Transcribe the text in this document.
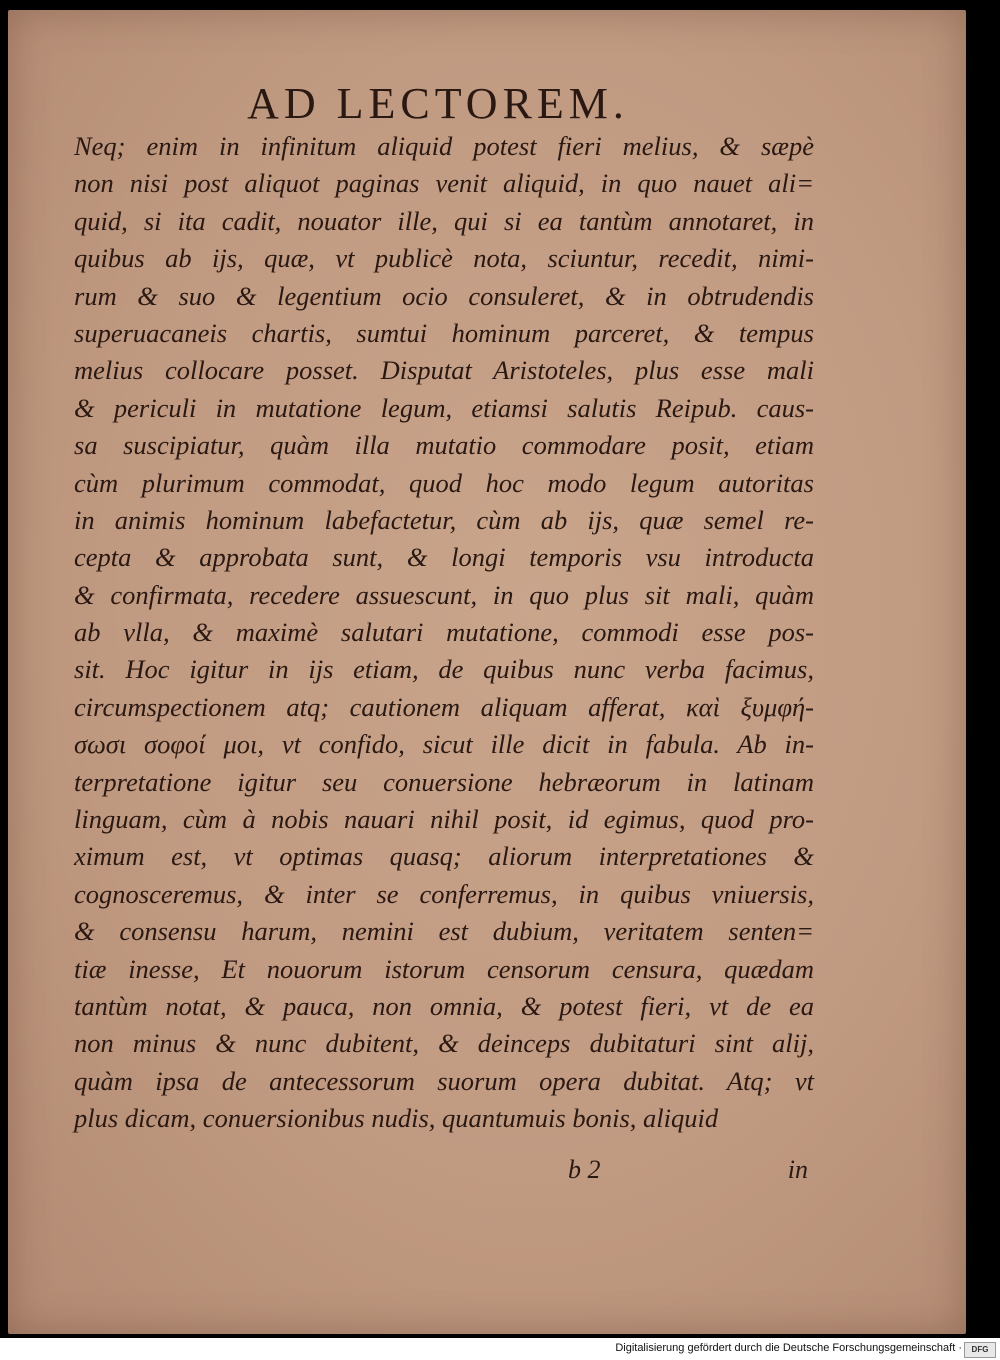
AD LECTOREM.
Neq; enim in infinitum aliquid potest fieri melius, & sæpè
non nisi post aliquot paginas venit aliquid, in quo nauet ali=
quid, si ita cadit, nouator ille, qui si ea tantùm annotaret, in
quibus ab ijs, quæ, vt publicè nota, sciuntur, recedit, nimi-
rum & suo & legentium ocio consuleret, & in obtrudendis
superuacaneis chartis, sumtui hominum parceret, & tempus
melius collocare posset. Disputat Aristoteles, plus esse mali
& periculi in mutatione legum, etiamsi salutis Reipub. caus-
sa suscipiatur, quàm illa mutatio commodare posit, etiam
cùm plurimum commodat, quod hoc modo legum autoritas
in animis hominum labefactetur, cùm ab ijs, quæ semel re-
cepta & approbata sunt, & longi temporis vsu introducta
& confirmata, recedere assuescunt, in quo plus sit mali, quàm
ab vlla, & maximè salutari mutatione, commodi esse pos-
sit. Hoc igitur in ijs etiam, de quibus nunc verba facimus,
circumspectionem atq; cautionem aliquam afferat, καὶ ξυμφή-
σωσι σοφοί μοι, vt confido, sicut ille dicit in fabula. Ab in-
terpretatione igitur seu conuersione hebræorum in latinam
linguam, cùm à nobis nauari nihil posit, id egimus, quod pro-
ximum est, vt optimas quasq; aliorum interpretationes &
cognosceremus, & inter se conferremus, in quibus vniuersis,
& consensu harum, nemini est dubium, veritatem senten=
tiæ inesse, Et nouorum istorum censorum censura, quædam
tantùm notat, & pauca, non omnia, & potest fieri, vt de ea
non minus & nunc dubitent, & deinceps dubitaturi sint alij,
quàm ipsa de antecessorum suorum opera dubitat. Atq; vt
plus dicam, conuersionibus nudis, quantumuis bonis, aliquid
b 2	in
Digitalisierung gefördert durch die Deutsche Forschungsgemeinschaft ·	DFG
